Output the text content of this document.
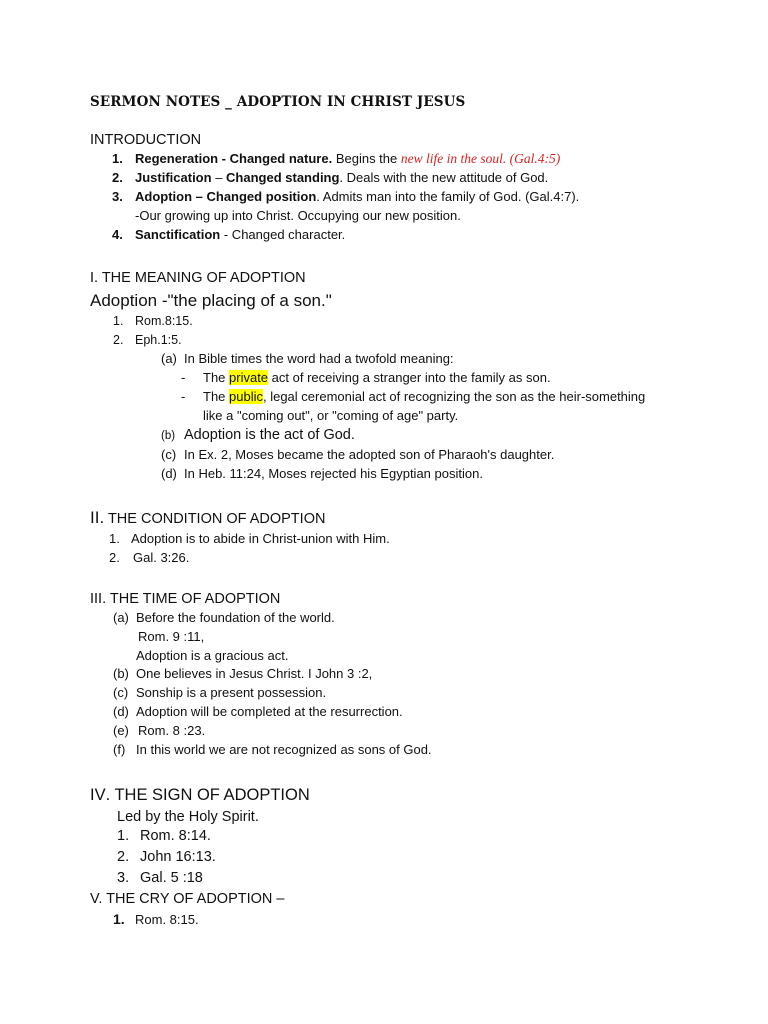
SERMON NOTES _ ADOPTION IN CHRIST JESUS
INTRODUCTION
1. Regeneration - Changed nature. Begins the new life in the soul. (Gal.4:5)
2. Justification – Changed standing. Deals with the new attitude of God.
3. Adoption – Changed position. Admits man into the family of God. (Gal.4:7).
-Our growing up into Christ. Occupying our new position.
4. Sanctification - Changed character.
I. THE MEANING OF ADOPTION
Adoption -"the placing of a son."
1. Rom.8:15.
2. Eph.1:5.
(a) In Bible times the word had a twofold meaning:
- The private act of receiving a stranger into the family as son.
- The public, legal ceremonial act of recognizing the son as the heir-something
like a "coming out", or "coming of age" party.
(b) Adoption is the act of God.
(c) In Ex. 2, Moses became the adopted son of Pharaoh's daughter.
(d) In Heb. 11:24, Moses rejected his Egyptian position.
II. THE CONDITION OF ADOPTION
1. Adoption is to abide in Christ-union with Him.
2. Gal. 3:26.
III. THE TIME OF ADOPTION
(a) Before the foundation of the world.
Rom. 9 :11,
Adoption is a gracious act.
(b) One believes in Jesus Christ. I John 3 :2,
(c) Sonship is a present possession.
(d) Adoption will be completed at the resurrection.
(e) Rom. 8 :23.
(f) In this world we are not recognized as sons of God.
IV. THE SIGN OF ADOPTION
Led by the Holy Spirit.
1. Rom. 8:14.
2. John 16:13.
3. Gal. 5 :18
V. THE CRY OF ADOPTION –
1. Rom. 8:15.
